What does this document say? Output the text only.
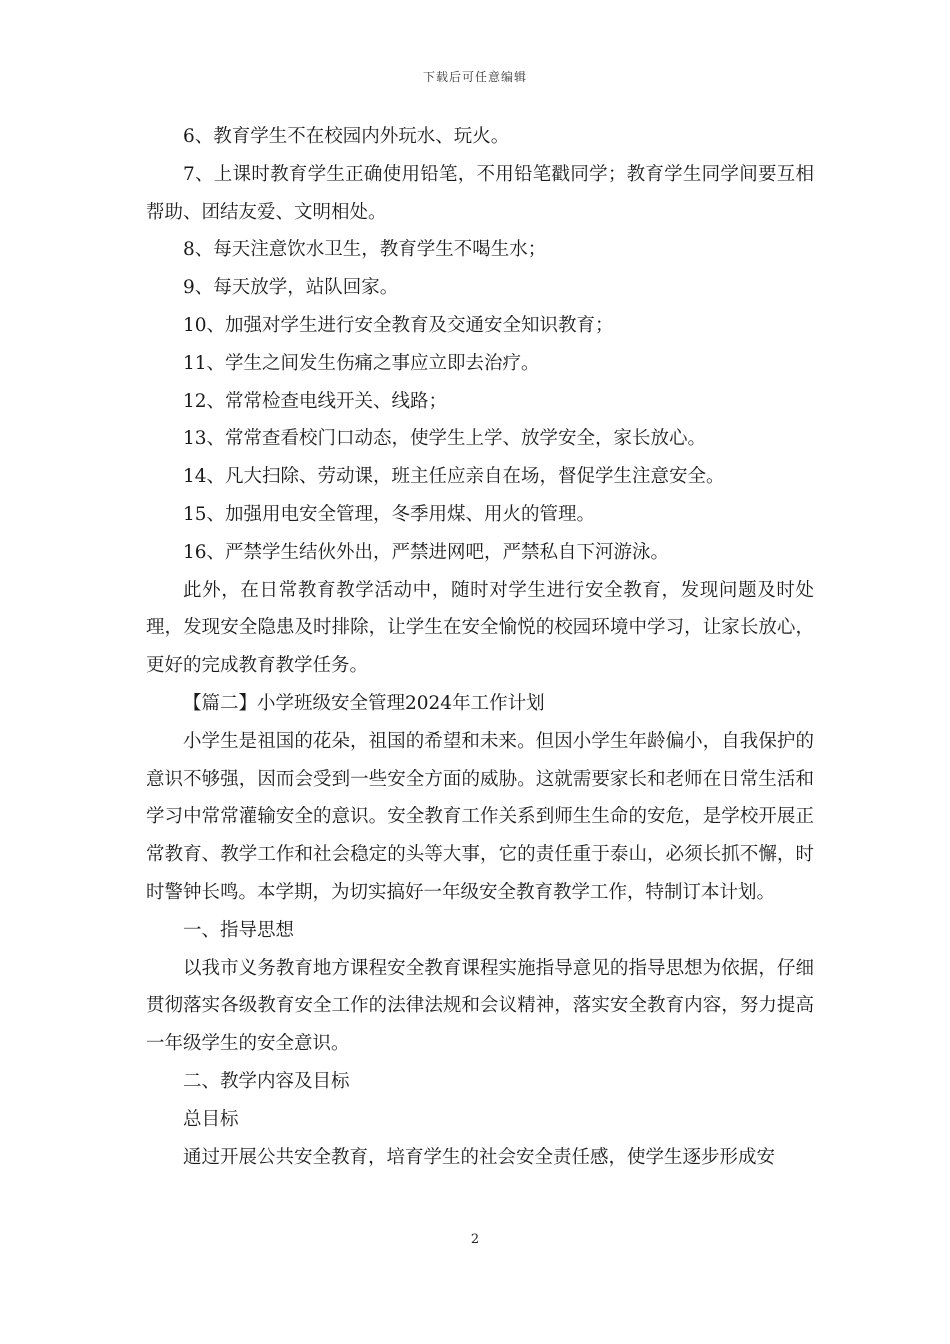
下载后可任意编辑

6、教育学生不在校园内外玩水、玩火。

7、上课时教育学生正确使用铅笔，不用铅笔戳同学；教育学生同学间要互相帮助、团结友爱、文明相处。

8、每天注意饮水卫生，教育学生不喝生水；

9、每天放学，站队回家。

10、加强对学生进行安全教育及交通安全知识教育；

11、学生之间发生伤痛之事应立即去治疗。

12、常常检查电线开关、线路；

13、常常查看校门口动态，使学生上学、放学安全，家长放心。

14、凡大扫除、劳动课，班主任应亲自在场，督促学生注意安全。

15、加强用电安全管理，冬季用煤、用火的管理。

16、严禁学生结伙外出，严禁进网吧，严禁私自下河游泳。

此外，在日常教育教学活动中，随时对学生进行安全教育，发现问题及时处理，发现安全隐患及时排除，让学生在安全愉悦的校园环境中学习，让家长放心，更好的完成教育教学任务。

【篇二】小学班级安全管理2024年工作计划

小学生是祖国的花朵，祖国的希望和未来。但因小学生年龄偏小，自我保护的意识不够强，因而会受到一些安全方面的威胁。这就需要家长和老师在日常生活和学习中常常灌输安全的意识。安全教育工作关系到师生生命的安危，是学校开展正常教育、教学工作和社会稳定的头等大事，它的责任重于泰山，必须长抓不懈，时时警钟长鸣。本学期，为切实搞好一年级安全教育教学工作，特制订本计划。

一、指导思想

以我市义务教育地方课程安全教育课程实施指导意见的指导思想为依据，仔细贯彻落实各级教育安全工作的法律法规和会议精神，落实安全教育内容，努力提高一年级学生的安全意识。

二、教学内容及目标

总目标

通过开展公共安全教育，培育学生的社会安全责任感，使学生逐步形成安

2
